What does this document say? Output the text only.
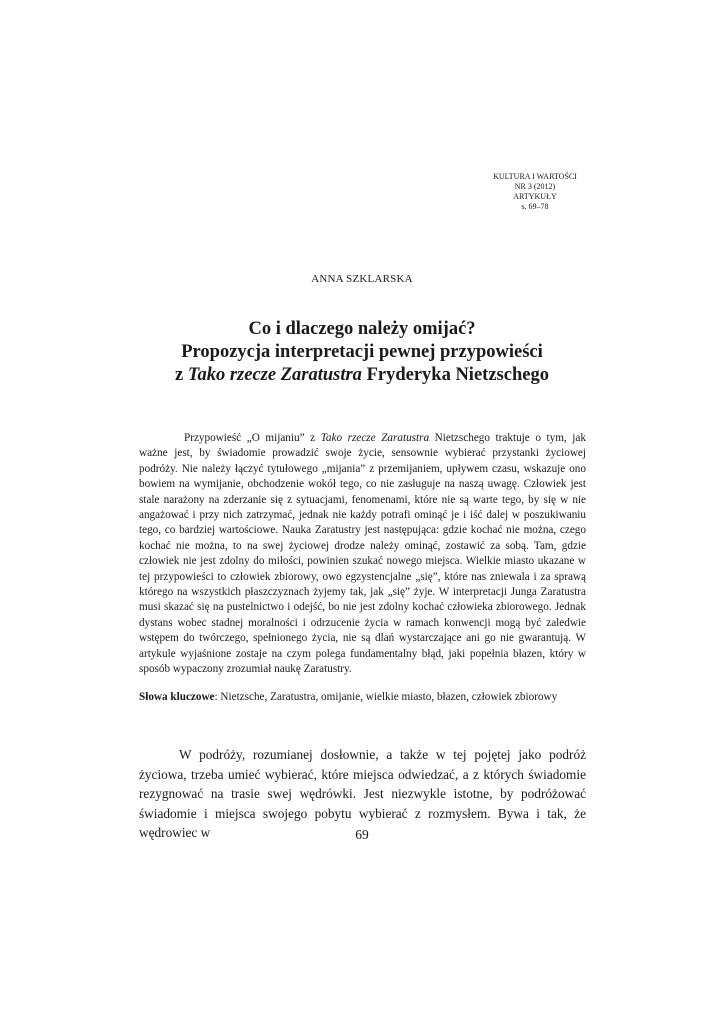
KULTURA I WARTOŚCI
NR 3 (2012)
ARTYKUŁY
s. 69–78
ANNA SZKLARSKA
Co i dlaczego należy omijać?
Propozycja interpretacji pewnej przypowieści
z Tako rzecze Zaratustra Fryderyka Nietzschego

Przypowieść „O mijaniu” z Tako rzecze Zaratustra Nietzschego traktuje o tym, jak ważne jest, by świadomie prowadzić swoje życie, sensownie wybierać przystanki życiowej podróży. Nie należy łączyć tytułowego „mijania” z przemijaniem, upływem czasu, wskazuje ono bowiem na wymijanie, obchodzenie wokół tego, co nie zasługuje na naszą uwagę. Człowiek jest stale narażony na zderzanie się z sytuacjami, fenomenami, które nie są warte tego, by się w nie angażować i przy nich zatrzymać, jednak nie każdy potrafi ominąć je i iść dalej w poszukiwaniu tego, co bardziej wartościowe. Nauka Zaratustry jest następująca: gdzie kochać nie można, czego kochać nie można, to na swej życiowej drodze należy ominąć, zostawić za sobą. Tam, gdzie człowiek nie jest zdolny do miłości, powinien szukać nowego miejsca. Wielkie miasto ukazane w tej przypowieści to człowiek zbiorowy, owo egzystencjalne „się”, które nas zniewala i za sprawą którego na wszystkich płaszczyznach żyjemy tak, jak „się” żyje. W interpretacji Junga Zaratustra musi skazać się na pustelnictwo i odejść, bo nie jest zdolny kochać człowieka zbiorowego. Jednak dystans wobec stadnej moralności i odrzucenie życia w ramach konwencji mogą być zaledwie wstępem do twórczego, spełnionego życia, nie są dlań wystarczające ani go nie gwarantują. W artykule wyjaśnione zostaje na czym polega fundamentalny błąd, jaki popełnia błazen, który w sposób wypaczony zrozumiał naukę Zaratustry.

Słowa kluczowe: Nietzsche, Zaratustra, omijanie, wielkie miasto, błazen, człowiek zbiorowy

W podróży, rozumianej dosłownie, a także w tej pojętej jako podróż życiowa, trzeba umieć wybierać, które miejsca odwiedzać, a z których świadomie rezygnować na trasie swej wędrówki. Jest niezwykle istotne, by podróżować świadomie i miejsca swojego pobytu wybierać z rozmysłem. Bywa i tak, że wędrowiec w	69
